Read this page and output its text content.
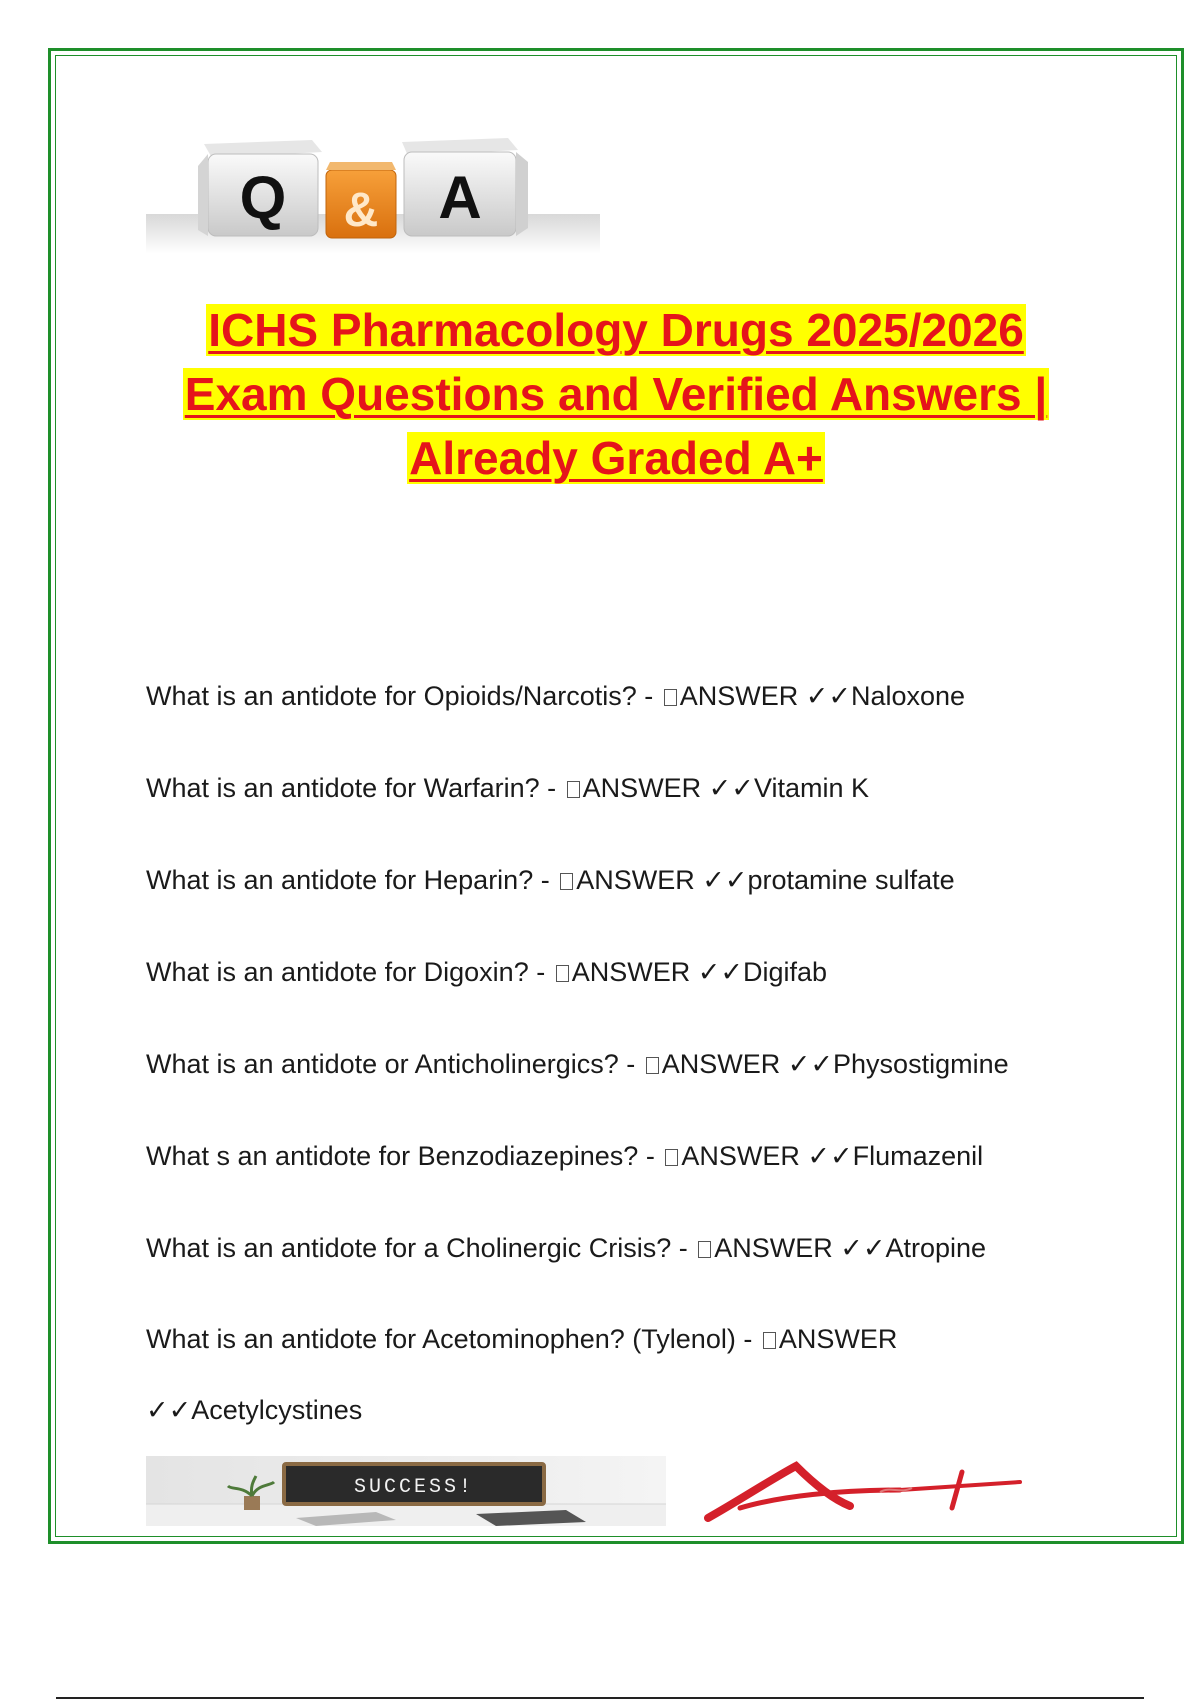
Q & A
ICHS Pharmacology Drugs 2025/2026
Exam Questions and Verified Answers |
Already Graded A+
What is an antidote for Opioids/Narcotis? - ANSWER ✓✓Naloxone
What is an antidote for Warfarin? - ANSWER ✓✓Vitamin K
What is an antidote for Heparin? - ANSWER ✓✓protamine sulfate
What is an antidote for Digoxin? - ANSWER ✓✓Digifab
What is an antidote or Anticholinergics? - ANSWER ✓✓Physostigmine
What s an antidote for Benzodiazepines? - ANSWER ✓✓Flumazenil
What is an antidote for a Cholinergic Crisis? - ANSWER ✓✓Atropine
What is an antidote for Acetominophen? (Tylenol) - ANSWER ✓✓Acetylcystines
SUCCESS!
